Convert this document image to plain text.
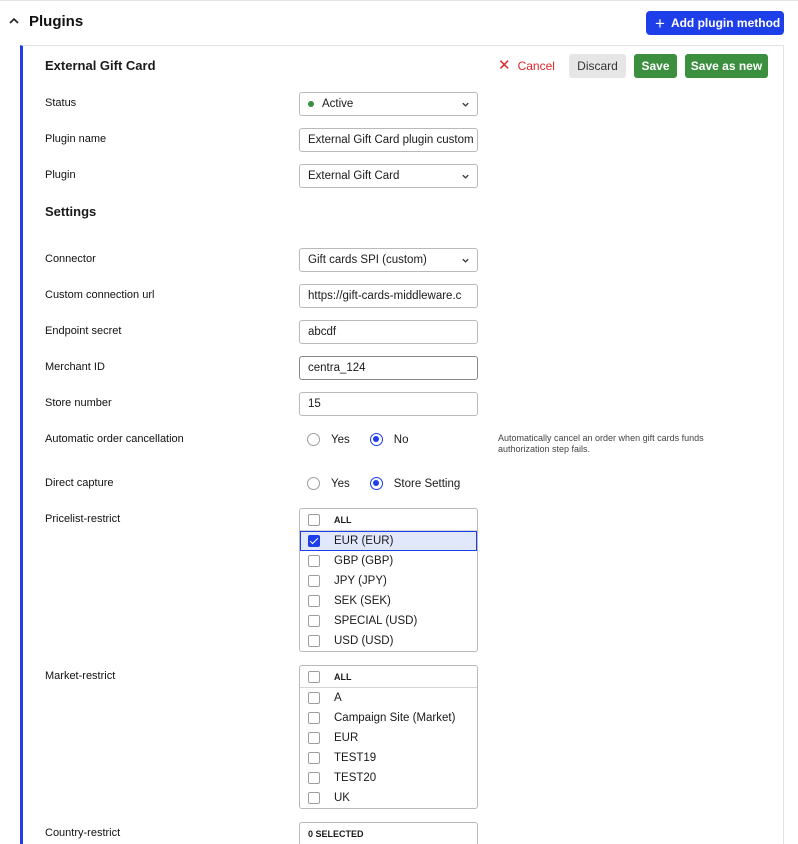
Plugins	+ Add plugin method
External Gift Card	✕ Cancel	Discard	Save	Save as new
Status	Active
Plugin name	External Gift Card plugin custom
Plugin	External Gift Card
Settings
Connector	Gift cards SPI (custom)
Custom connection url	https://gift-cards-middleware.c
Endpoint secret	abcdf
Merchant ID	centra_124
Store number	15
Automatic order cancellation	Yes	No	Automatically cancel an order when gift cards funds authorization step fails.
Direct capture	Yes	Store Setting
Pricelist-restrict	ALL
EUR (EUR)
GBP (GBP)
JPY (JPY)
SEK (SEK)
SPECIAL (USD)
USD (USD)
Market-restrict	ALL
A
Campaign Site (Market)
EUR
TEST19
TEST20
UK
Country-restrict	0 SELECTED
